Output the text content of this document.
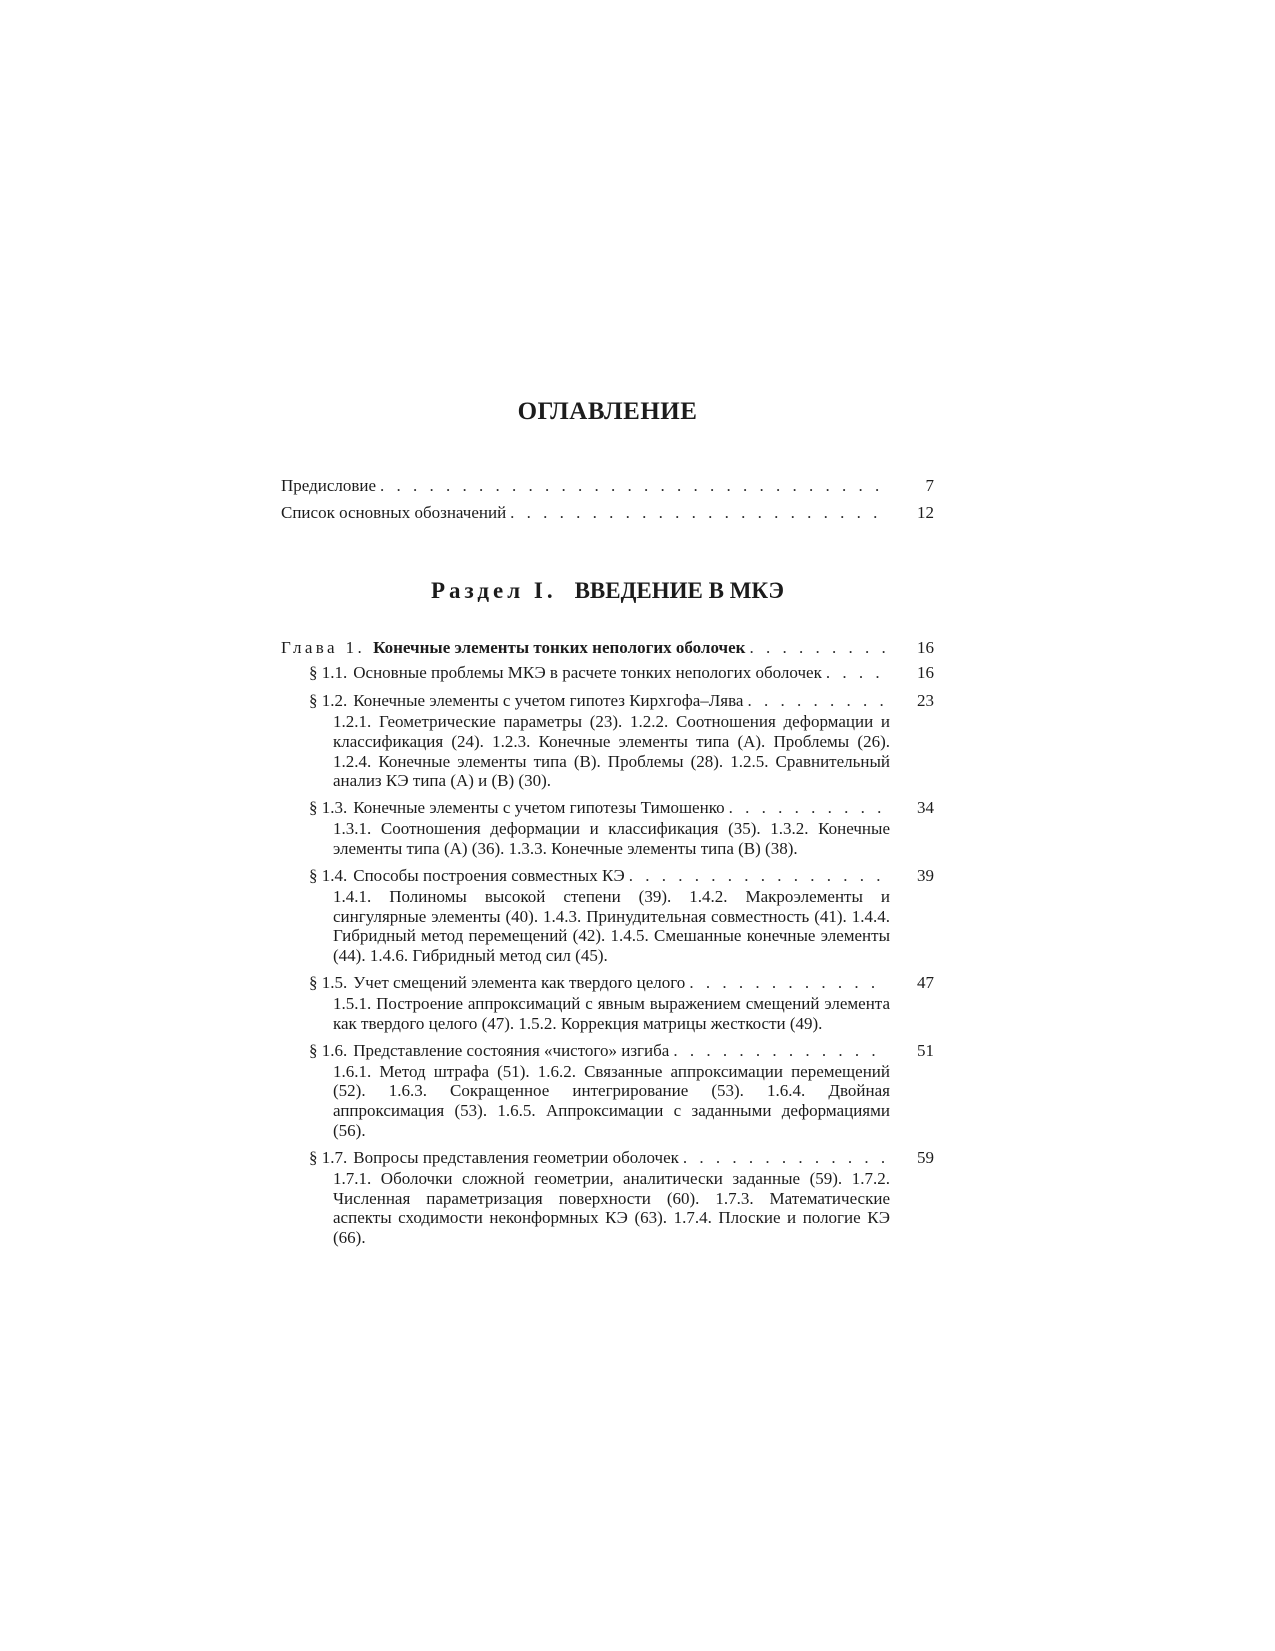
ОГЛАВЛЕНИЕ
Предисловие . . .	7
Список основных обозначений . . .	12
Раздел I. ВВЕДЕНИЕ В МКЭ
Глава 1. Конечные элементы тонких непологих оболочек . . .	16
§ 1.1. Основные проблемы МКЭ в расчете тонких непологих оболочек . . .	16
§ 1.2. Конечные элементы с учетом гипотез Кирхгофа–Лява . . .	23
1.2.1. Геометрические параметры (23). 1.2.2. Соотношения деформации и классификация (24). 1.2.3. Конечные элементы типа (А). Проблемы (26). 1.2.4. Конечные элементы типа (В). Проблемы (28). 1.2.5. Сравнительный анализ КЭ типа (А) и (В) (30).
§ 1.3. Конечные элементы с учетом гипотезы Тимошенко . . .	34
1.3.1. Соотношения деформации и классификация (35). 1.3.2. Конечные элементы типа (А) (36). 1.3.3. Конечные элементы типа (В) (38).
§ 1.4. Способы построения совместных КЭ . . .	39
1.4.1. Полиномы высокой степени (39). 1.4.2. Макроэлементы и сингулярные элементы (40). 1.4.3. Принудительная совместность (41). 1.4.4. Гибридный метод перемещений (42). 1.4.5. Смешанные конечные элементы (44). 1.4.6. Гибридный метод сил (45).
§ 1.5. Учет смещений элемента как твердого целого . . .	47
1.5.1. Построение аппроксимаций с явным выражением смещений элемента как твердого целого (47). 1.5.2. Коррекция матрицы жесткости (49).
§ 1.6. Представление состояния «чистого» изгиба . . .	51
1.6.1. Метод штрафа (51). 1.6.2. Связанные аппроксимации перемещений (52). 1.6.3. Сокращенное интегрирование (53). 1.6.4. Двойная аппроксимация (53). 1.6.5. Аппроксимации с заданными деформациями (56).
§ 1.7. Вопросы представления геометрии оболочек . . .	59
1.7.1. Оболочки сложной геометрии, аналитически заданные (59). 1.7.2. Численная параметризация поверхности (60). 1.7.3. Математические аспекты сходимости неконформных КЭ (63). 1.7.4. Плоские и пологие КЭ (66).
